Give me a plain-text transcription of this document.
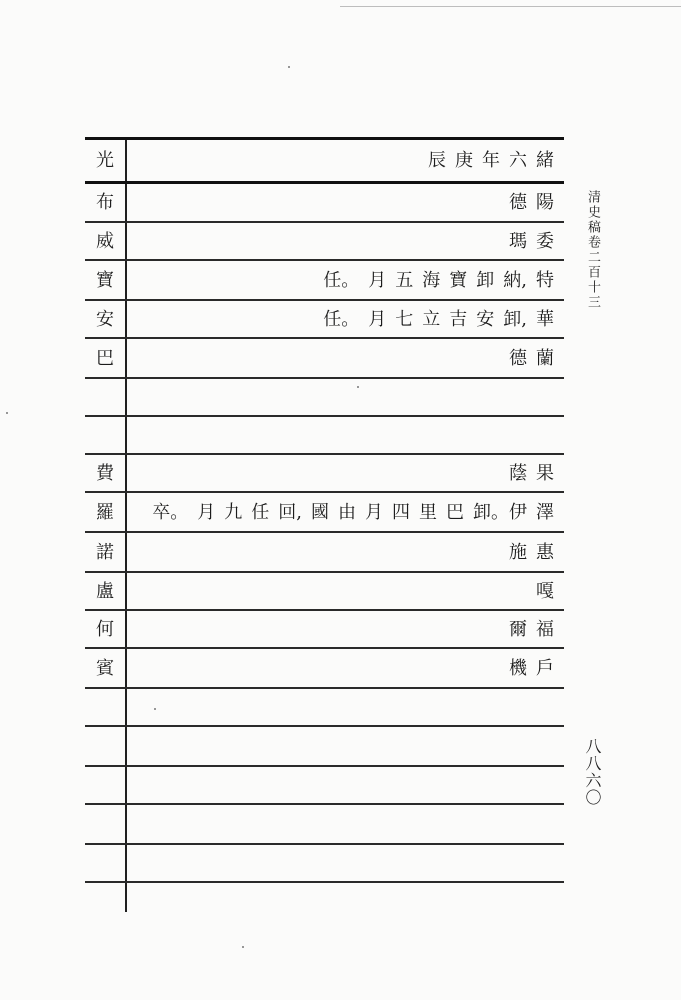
光
布
威
寶
安
巴
費
羅
諾
盧
何
賓
辰 庚 年 六 緒
德 陽
瑪 委
任。 月 五 海 寶 卸 納, 特
任。 月 七 立 吉 安 卸, 華
德 蘭
蔭 果
卒。 月 九 任 回, 國 由 月 四 里 巴 卸。伊 澤
施 惠
嘎
爾 福
機 戶
清史稿卷二百十三
八八六〇
